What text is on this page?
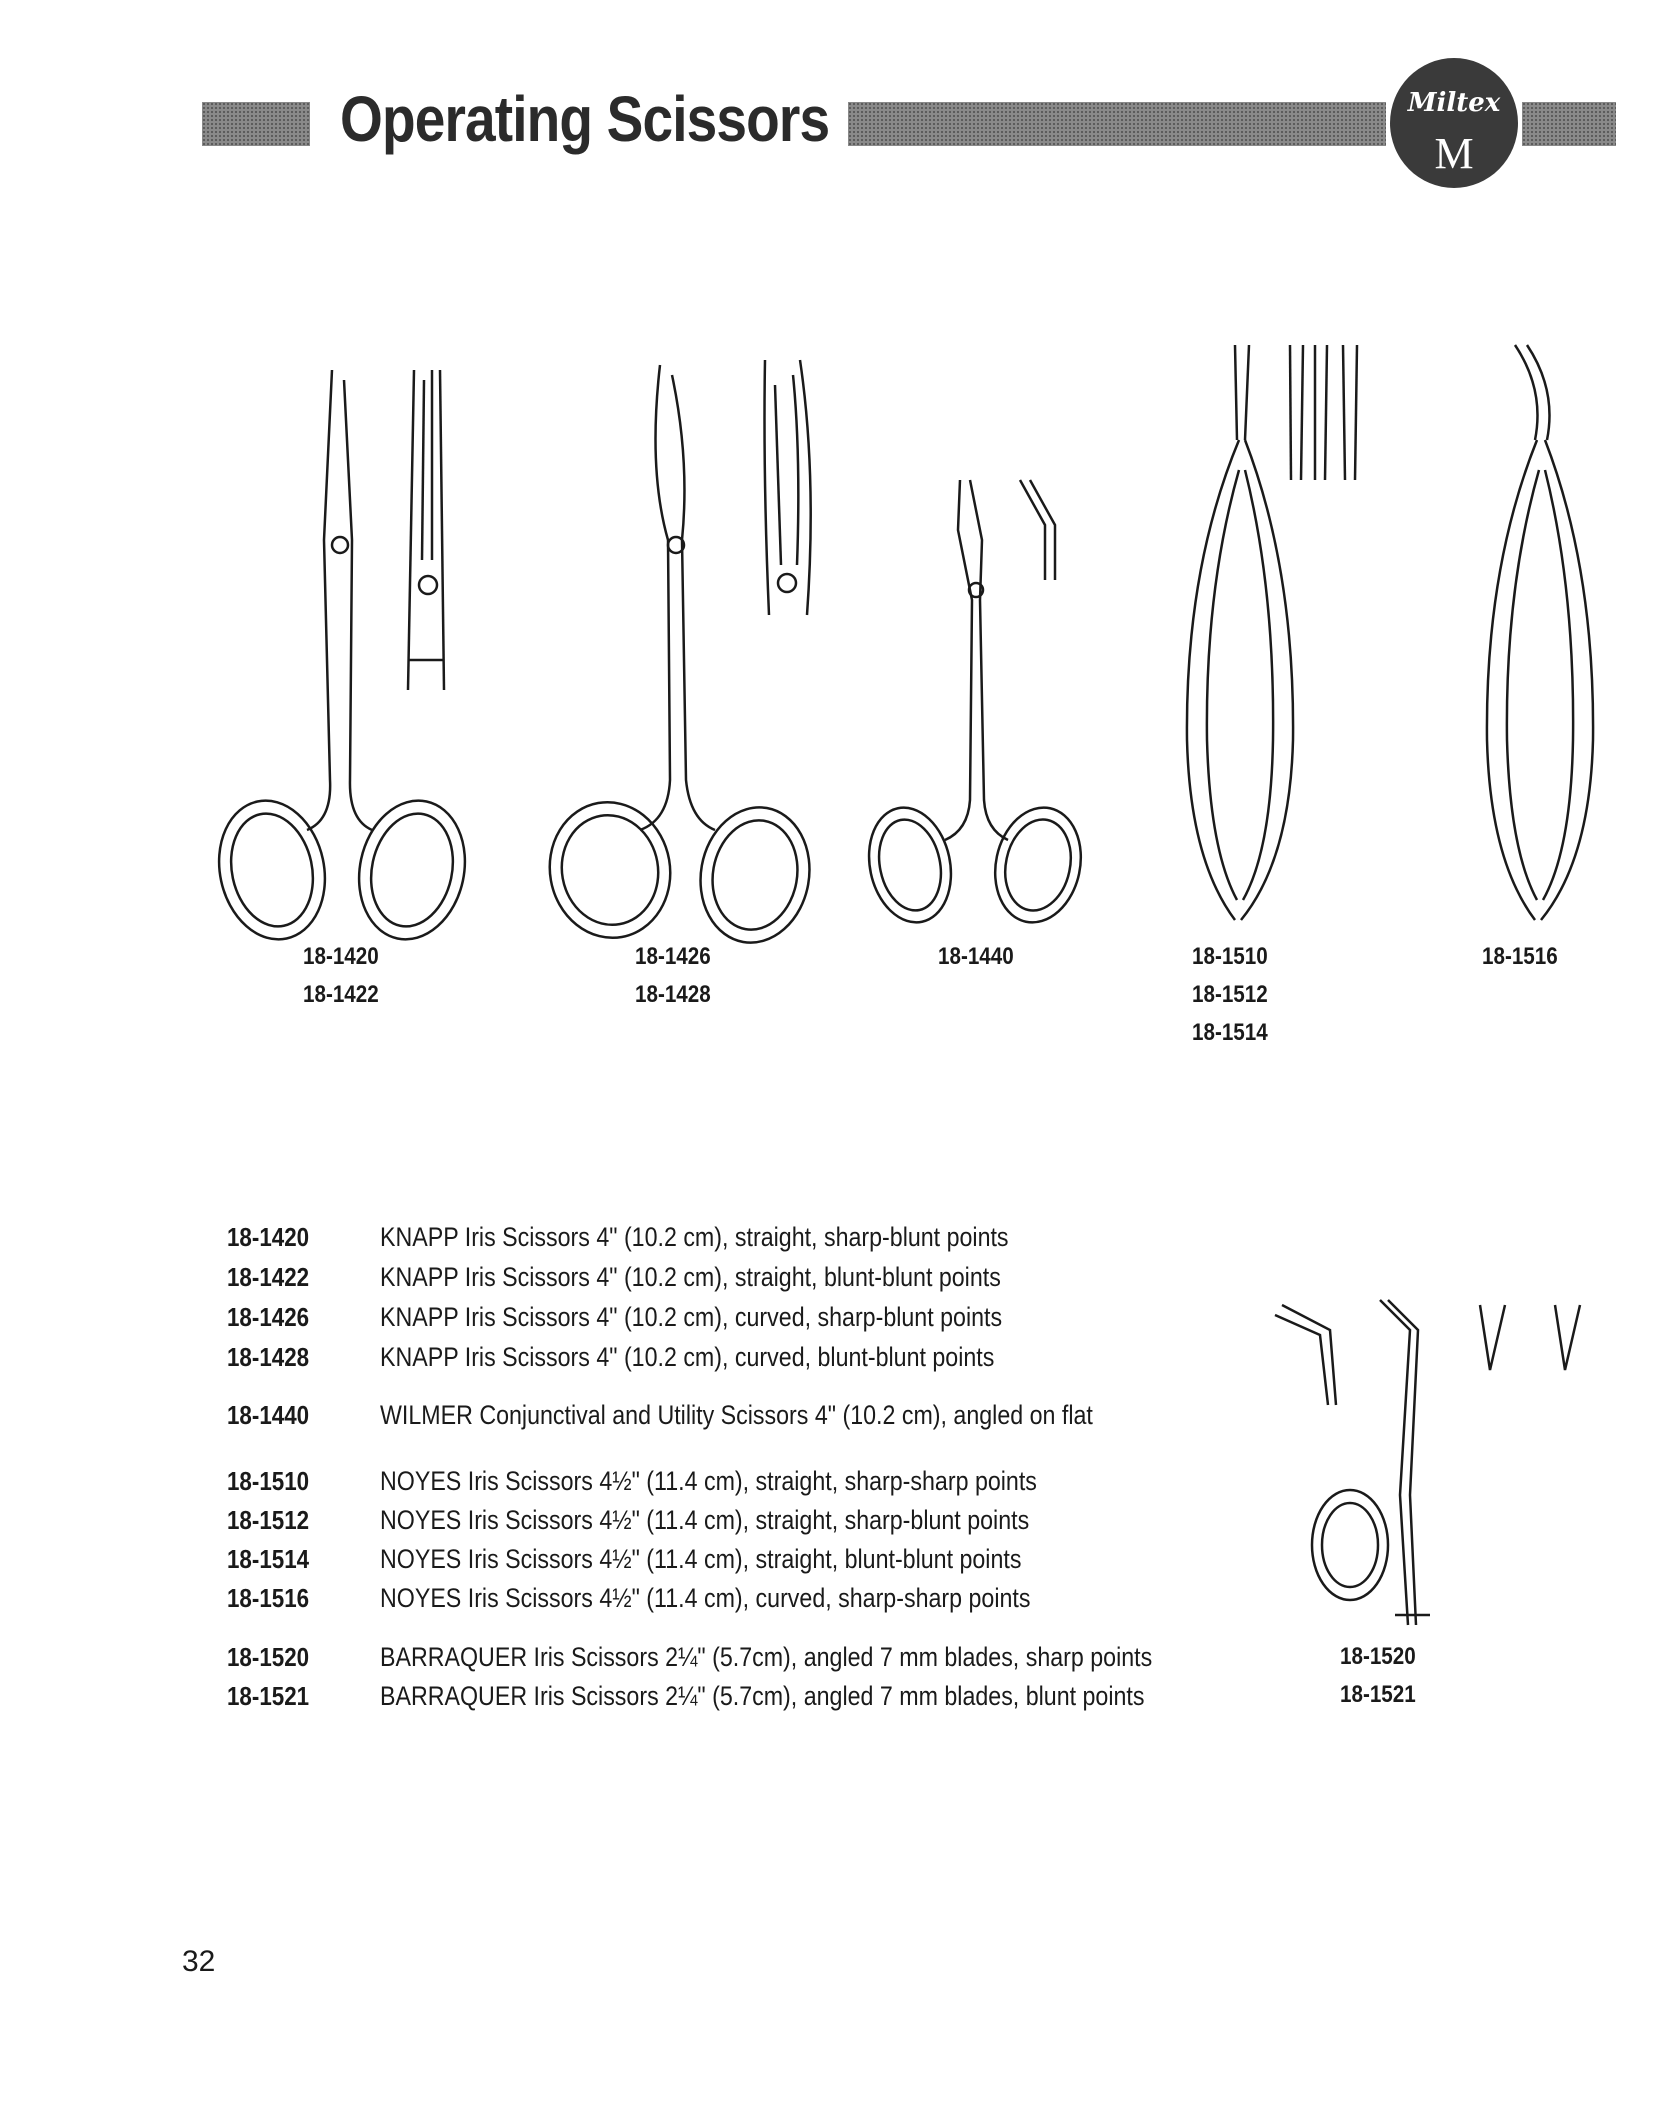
Operating Scissors	Miltex
M
18-1420
18-1422
18-1426
18-1428
18-1440	18-1510
18-1512
18-1514
18-1516
18-1520
18-1521
18-1420	KNAPP Iris Scissors 4" (10.2 cm), straight, sharp-blunt points
18-1422	KNAPP Iris Scissors 4" (10.2 cm), straight, blunt-blunt points
18-1426	KNAPP Iris Scissors 4" (10.2 cm), curved, sharp-blunt points
18-1428	KNAPP Iris Scissors 4" (10.2 cm), curved, blunt-blunt points
18-1440	WILMER Conjunctival and Utility Scissors 4" (10.2 cm), angled on flat
18-1510	NOYES Iris Scissors 4½" (11.4 cm), straight, sharp-sharp points
18-1512	NOYES Iris Scissors 4½" (11.4 cm), straight, sharp-blunt points
18-1514	NOYES Iris Scissors 4½" (11.4 cm), straight, blunt-blunt points
18-1516	NOYES Iris Scissors 4½" (11.4 cm), curved, sharp-sharp points
18-1520	BARRAQUER Iris Scissors 2¼" (5.7cm), angled 7 mm blades, sharp points
18-1521	BARRAQUER Iris Scissors 2¼" (5.7cm), angled 7 mm blades, blunt points
32
